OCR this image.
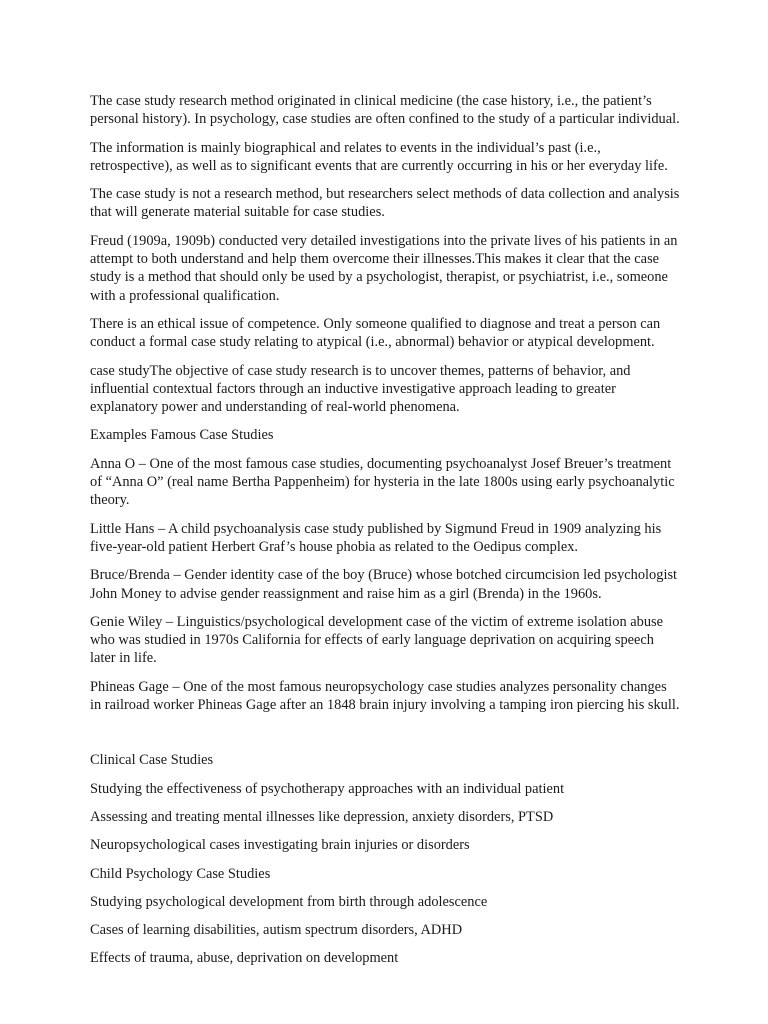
The case study research method originated in clinical medicine (the case history, i.e., the patient’s personal history). In psychology, case studies are often confined to the study of a particular individual.

The information is mainly biographical and relates to events in the individual’s past (i.e., retrospective), as well as to significant events that are currently occurring in his or her everyday life.

The case study is not a research method, but researchers select methods of data collection and analysis that will generate material suitable for case studies.

Freud (1909a, 1909b) conducted very detailed investigations into the private lives of his patients in an attempt to both understand and help them overcome their illnesses.This makes it clear that the case study is a method that should only be used by a psychologist, therapist, or psychiatrist, i.e., someone with a professional qualification.

There is an ethical issue of competence. Only someone qualified to diagnose and treat a person can conduct a formal case study relating to atypical (i.e., abnormal) behavior or atypical development.

case studyThe objective of case study research is to uncover themes, patterns of behavior, and influential contextual factors through an inductive investigative approach leading to greater explanatory power and understanding of real-world phenomena.

Examples Famous Case Studies

Anna O – One of the most famous case studies, documenting psychoanalyst Josef Breuer’s treatment of “Anna O” (real name Bertha Pappenheim) for hysteria in the late 1800s using early psychoanalytic theory.

Little Hans – A child psychoanalysis case study published by Sigmund Freud in 1909 analyzing his five-year-old patient Herbert Graf’s house phobia as related to the Oedipus complex.

Bruce/Brenda – Gender identity case of the boy (Bruce) whose botched circumcision led psychologist John Money to advise gender reassignment and raise him as a girl (Brenda) in the 1960s.

Genie Wiley – Linguistics/psychological development case of the victim of extreme isolation abuse who was studied in 1970s California for effects of early language deprivation on acquiring speech later in life.

Phineas Gage – One of the most famous neuropsychology case studies analyzes personality changes in railroad worker Phineas Gage after an 1848 brain injury involving a tamping iron piercing his skull.

Clinical Case Studies

Studying the effectiveness of psychotherapy approaches with an individual patient

Assessing and treating mental illnesses like depression, anxiety disorders, PTSD

Neuropsychological cases investigating brain injuries or disorders

Child Psychology Case Studies

Studying psychological development from birth through adolescence

Cases of learning disabilities, autism spectrum disorders, ADHD

Effects of trauma, abuse, deprivation on development
